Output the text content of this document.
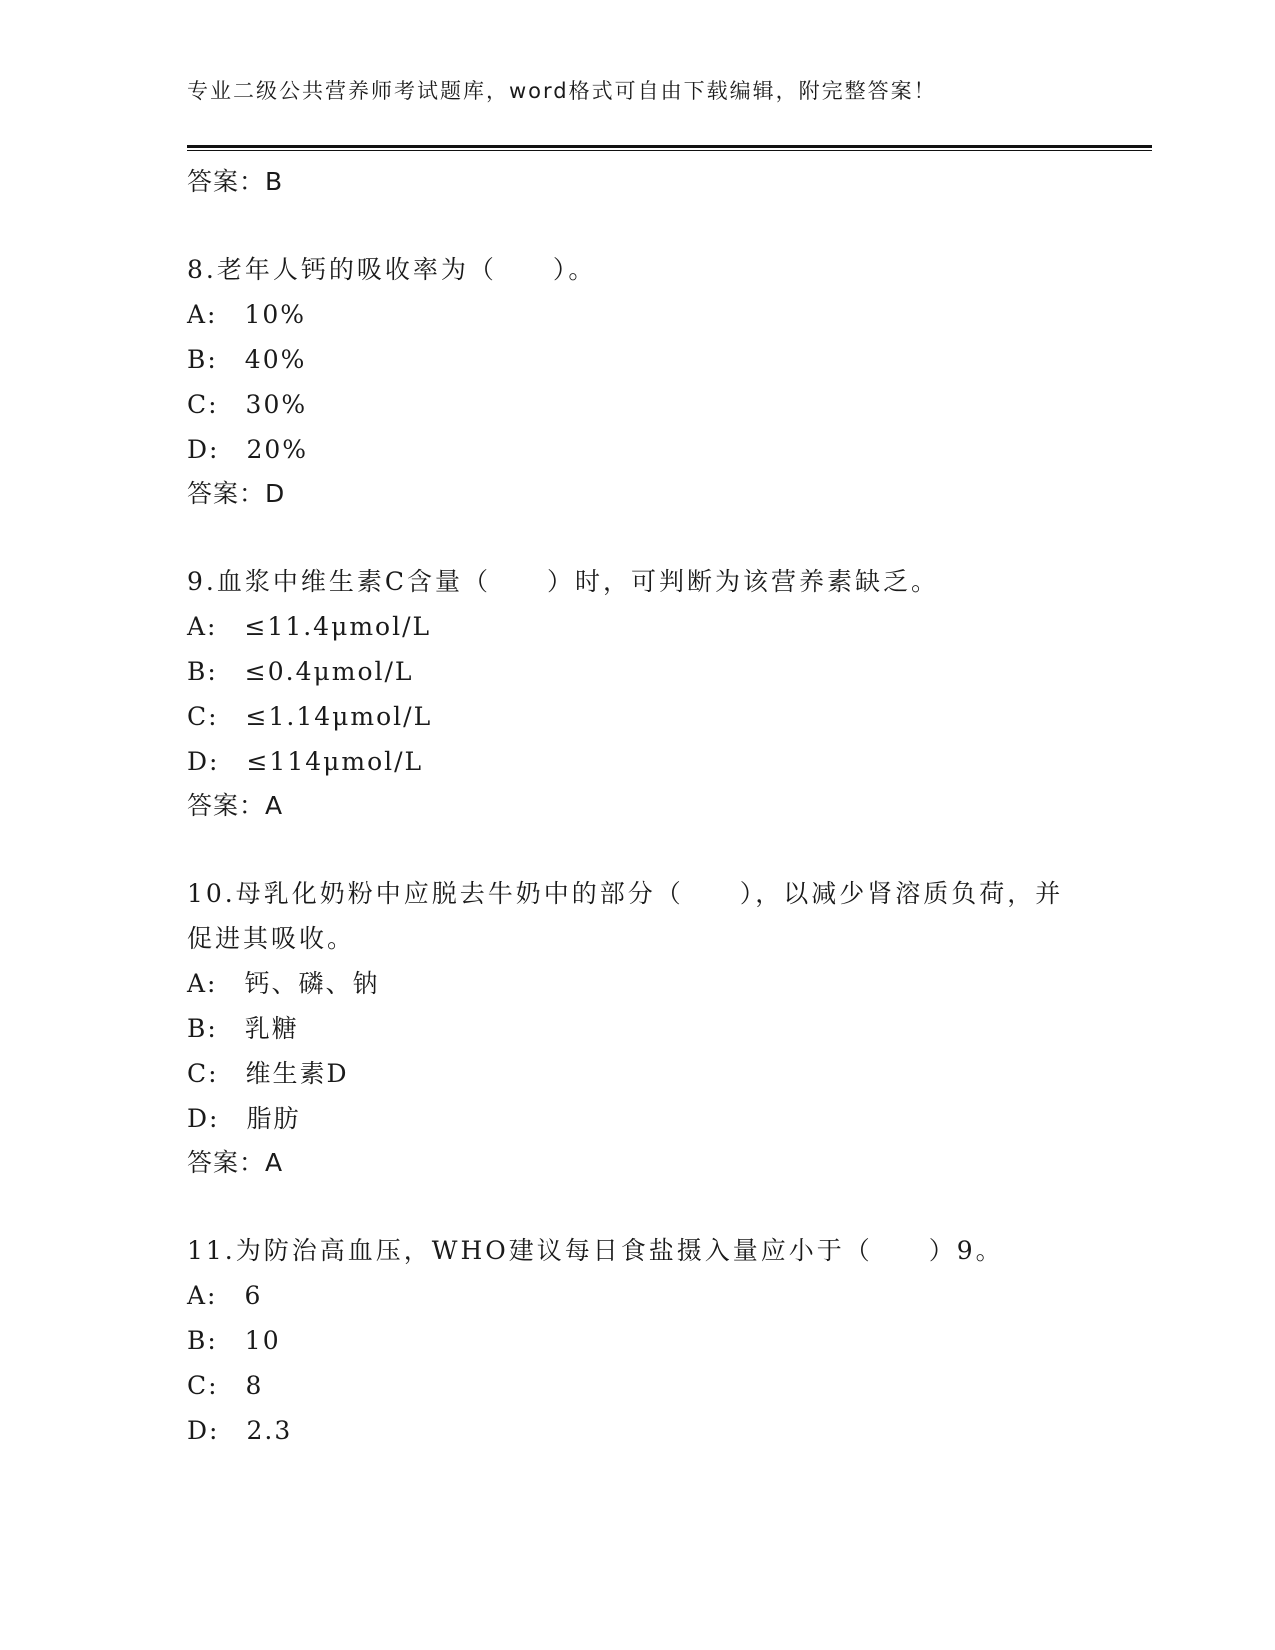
专业二级公共营养师考试题库，word格式可自由下载编辑，附完整答案！
答案：B
8.老年人钙的吸收率为（　　）。
A:　10%
B:　40%
C:　30%
D:　20%
答案：D
9.血浆中维生素C含量（　　）时，可判断为该营养素缺乏。
A:　≤11.4μmol/L
B:　≤0.4μmol/L
C:　≤1.14μmol/L
D:　≤114μmol/L
答案：A
10.母乳化奶粉中应脱去牛奶中的部分（　　），以减少肾溶质负荷，并促进其吸收。
A:　钙、磷、钠
B:　乳糖
C:　维生素D
D:　脂肪
答案：A
11.为防治高血压，WHO建议每日食盐摄入量应小于（　　）9。
A:　6
B:　10
C:　8
D:　2.3
